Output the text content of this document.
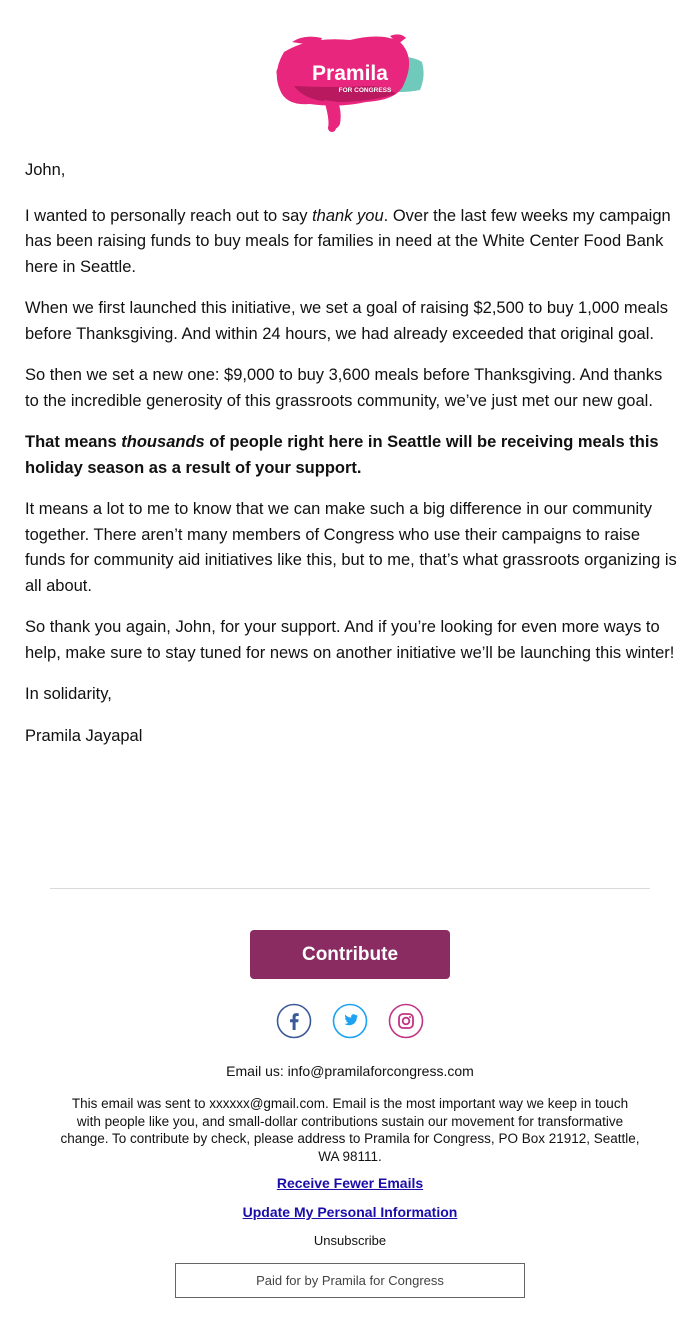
Pramila
FOR CONGRESS

John,

I wanted to personally reach out to say thank you. Over the last few weeks my campaign has been raising funds to buy meals for families in need at the White Center Food Bank here in Seattle.

When we first launched this initiative, we set a goal of raising $2,500 to buy 1,000 meals before Thanksgiving. And within 24 hours, we had already exceeded that original goal.

So then we set a new one: $9,000 to buy 3,600 meals before Thanksgiving. And thanks to the incredible generosity of this grassroots community, we’ve just met our new goal.

That means thousands of people right here in Seattle will be receiving meals this holiday season as a result of your support.

It means a lot to me to know that we can make such a big difference in our community together. There aren’t many members of Congress who use their campaigns to raise funds for community aid initiatives like this, but to me, that’s what grassroots organizing is all about.

So thank you again, John, for your support. And if you’re looking for even more ways to help, make sure to stay tuned for news on another initiative we’ll be launching this winter!

In solidarity,

Pramila Jayapal

Contribute
Email us: info@pramilaforcongress.com
This email was sent to xxxxxx@gmail.com. Email is the most important way we keep in touch with people like you, and small-dollar contributions sustain our movement for transformative change. To contribute by check, please address to Pramila for Congress, PO Box 21912, Seattle, WA 98111.
Receive Fewer Emails
Update My Personal Information
Unsubscribe
Paid for by Pramila for Congress
